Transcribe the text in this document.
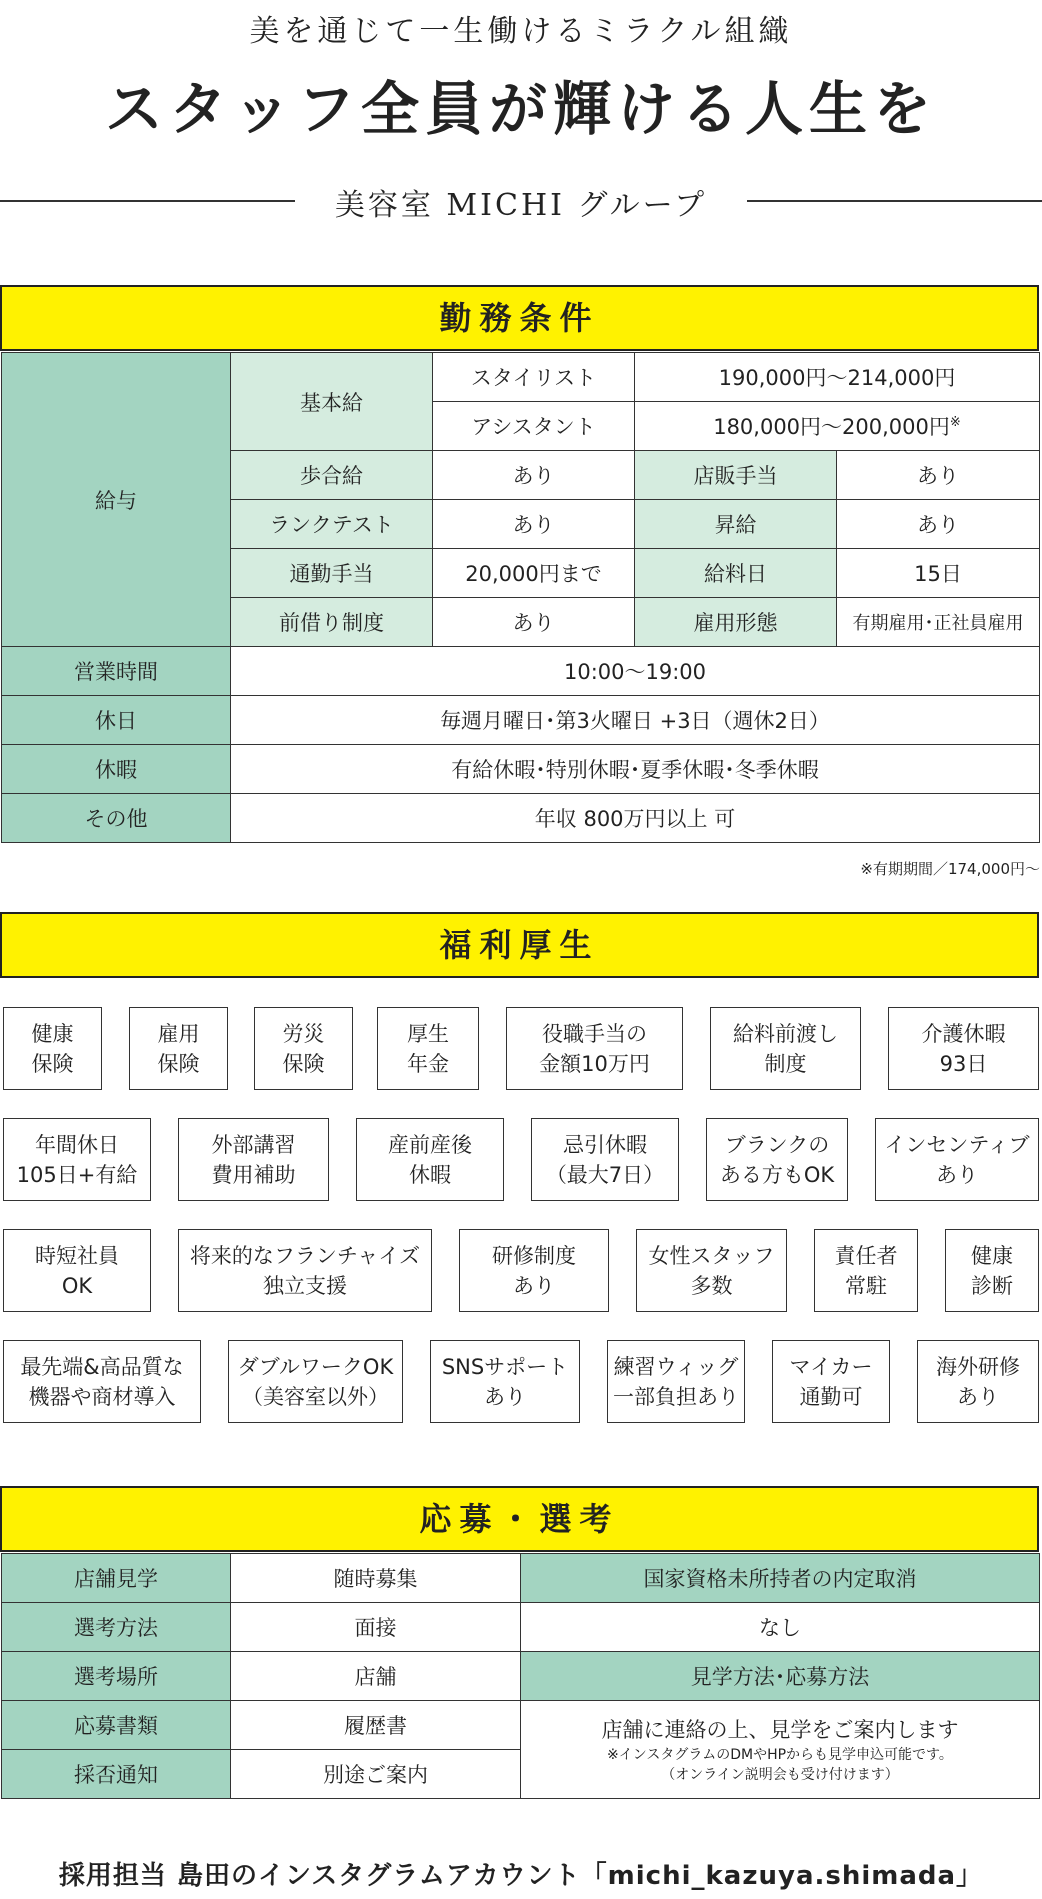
美を通じて一生働けるミラクル組織
スタッフ全員が輝ける人生を
美容室 MICHI グループ
勤務条件
給与	基本給	スタイリスト	190,000円〜214,000円	
		アシスタント	180,000円〜200,000円※
	歩合給	あり	店販手当	あり
	ランクテスト	あり	昇給	あり
	通勤手当	20,000円まで	給料日	15日
	前借り制度	あり	雇用形態	有期雇用･正社員雇用
営業時間	10:00〜19:00			
休日	毎週月曜日･第3火曜日 +3日（週休2日）			
休暇	有給休暇･特別休暇･夏季休暇･冬季休暇			
その他	年収 800万円以上 可			
※有期期間／174,000円〜
福利厚生
健康
保険
雇用
保険
労災
保険
厚生
年金
役職手当の
金額10万円
給料前渡し
制度
介護休暇
93日
年間休日
105日+有給
外部講習
費用補助
産前産後
休暇
忌引休暇
（最大7日）
ブランクの
ある方もOK
インセンティブ
あり
時短社員
OK
将来的なフランチャイズ
独立支援
研修制度
あり
女性スタッフ
多数
責任者
常駐
健康
診断
最先端&高品質な
機器や商材導入
ダブルワークOK
（美容室以外）
SNSサポート
あり
練習ウィッグ
一部負担あり
マイカー
通勤可
海外研修
あり
応募・選考
店舗見学	随時募集	国家資格未所持者の内定取消
選考方法	面接	なし
選考場所	店舗	見学方法･応募方法
応募書類	履歴書	店舗に連絡の上、見学をご案内します
※インスタグラムのDMやHPからも見学申込可能です。
（オンライン説明会も受け付けます）

採否通知	別途ご案内	
採用担当 島田のインスタグラムアカウント「michi_kazuya.shimada」
